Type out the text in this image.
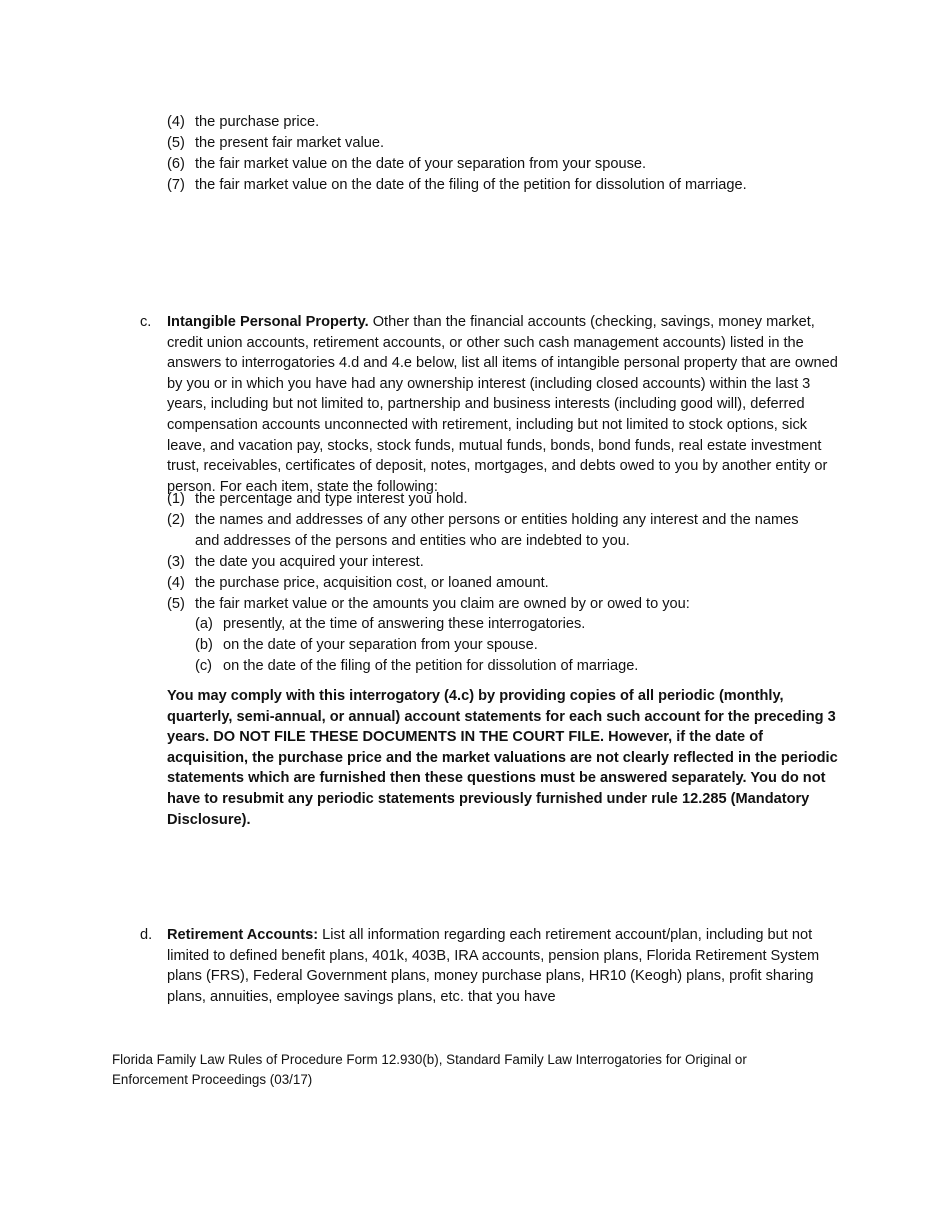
(4) the purchase price.
(5) the present fair market value.
(6) the fair market value on the date of your separation from your spouse.
(7) the fair market value on the date of the filing of the petition for dissolution of marriage.
c. Intangible Personal Property. Other than the financial accounts (checking, savings, money market, credit union accounts, retirement accounts, or other such cash management accounts) listed in the answers to interrogatories 4.d and 4.e below, list all items of intangible personal property that are owned by you or in which you have had any ownership interest (including closed accounts) within the last 3 years, including but not limited to, partnership and business interests (including good will), deferred compensation accounts unconnected with retirement, including but not limited to stock options, sick leave, and vacation pay, stocks, stock funds, mutual funds, bonds, bond funds, real estate investment trust, receivables, certificates of deposit, notes, mortgages, and debts owed to you by another entity or person. For each item, state the following:

(1) the percentage and type interest you hold.
(2) the names and addresses of any other persons or entities holding any interest and the names and addresses of the persons and entities who are indebted to you.

(3) the date you acquired your interest.
(4) the purchase price, acquisition cost, or loaned amount.
(5) the fair market value or the amounts you claim are owned by or owed to you:
(a) presently, at the time of answering these interrogatories.
(b) on the date of your separation from your spouse.
(c) on the date of the filing of the petition for dissolution of marriage.

You may comply with this interrogatory (4.c) by providing copies of all periodic (monthly, quarterly, semi-annual, or annual) account statements for each such account for the preceding 3 years. DO NOT FILE THESE DOCUMENTS IN THE COURT FILE. However, if the date of acquisition, the purchase price and the market valuations are not clearly reflected in the periodic statements which are furnished then these questions must be answered separately. You do not have to resubmit any periodic statements previously furnished under rule 12.285 (Mandatory Disclosure).

d. Retirement Accounts: List all information regarding each retirement account/plan, including but not limited to defined benefit plans, 401k, 403B, IRA accounts, pension plans, Florida Retirement System plans (FRS), Federal Government plans, money purchase plans, HR10 (Keogh) plans, profit sharing plans, annuities, employee savings plans, etc. that you have

Florida Family Law Rules of Procedure Form 12.930(b), Standard Family Law Interrogatories for Original or Enforcement Proceedings (03/17)
